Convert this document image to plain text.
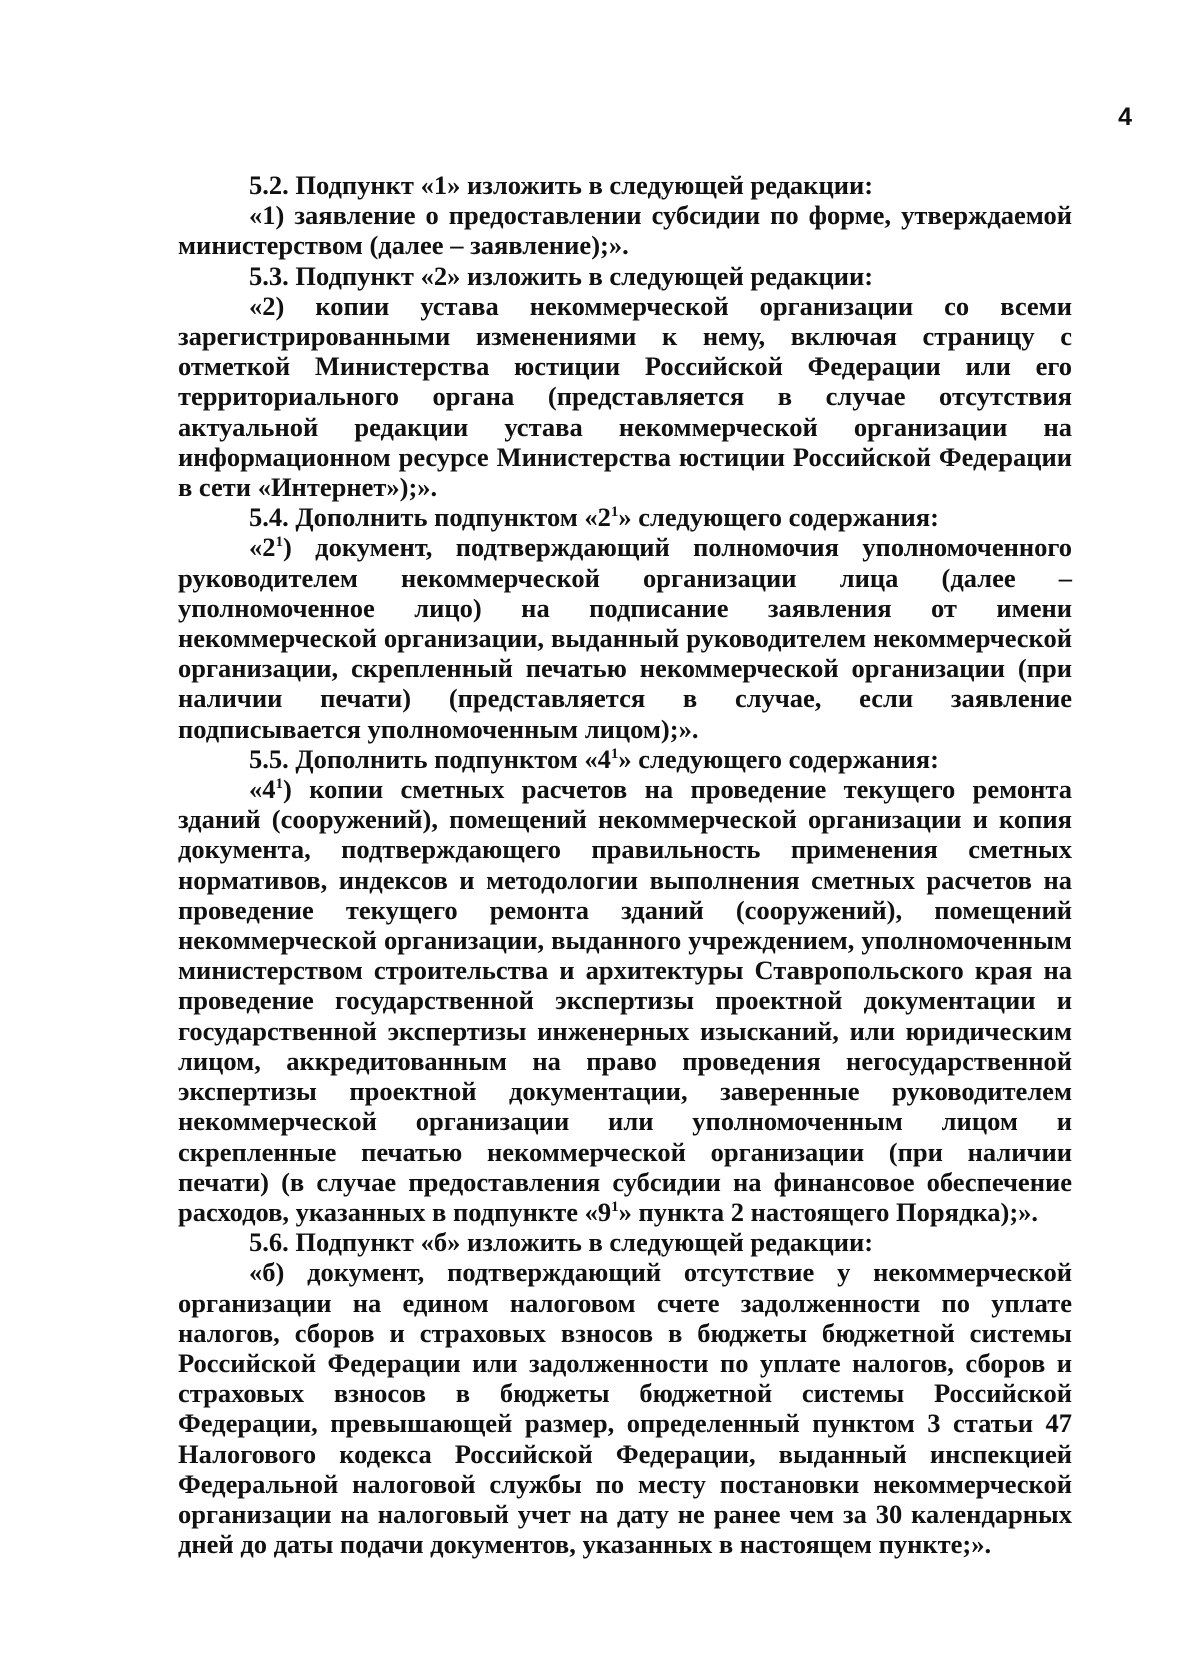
4

5.2. Подпункт «1» изложить в следующей редакции:

«1) заявление о предоставлении субсидии по форме, утверждаемой министерством (далее – заявление);».

5.3. Подпункт «2» изложить в следующей редакции:

«2) копии устава некоммерческой организации со всеми зарегистрированными изменениями к нему, включая страницу с отметкой Министерства юстиции Российской Федерации или его территориального органа (представляется в случае отсутствия актуальной редакции устава некоммерческой организации на информационном ресурсе Министерства юстиции Российской Федерации в сети «Интернет»);».

5.4. Дополнить подпунктом «$2^1$» следующего содержания:

«$2^1$) документ, подтверждающий полномочия уполномоченного руководителем некоммерческой организации лица (далее – уполномоченное лицо) на подписание заявления от имени некоммерческой организации, выданный руководителем некоммерческой организации, скрепленный печатью некоммерческой организации (при наличии печати) (представляется в случае, если заявление подписывается уполномоченным лицом);».

5.5. Дополнить подпунктом «$4^1$» следующего содержания:

«$4^1$) копии сметных расчетов на проведение текущего ремонта зданий (сооружений), помещений некоммерческой организации и копия документа, подтверждающего правильность применения сметных нормативов, индексов и методологии выполнения сметных расчетов на проведение текущего ремонта зданий (сооружений), помещений некоммерческой организации, выданного учреждением, уполномоченным министерством строительства и архитектуры Ставропольского края на проведение государственной экспертизы проектной документации и государственной экспертизы инженерных изысканий, или юридическим лицом, аккредитованным на право проведения негосударственной экспертизы проектной документации, заверенные руководителем некоммерческой организации или уполномоченным лицом и скрепленные печатью некоммерческой организации (при наличии печати) (в случае предоставления субсидии на финансовое обеспечение расходов, указанных в подпункте «$9^1$» пункта 2 настоящего Порядка);».

5.6. Подпункт «б» изложить в следующей редакции:

«б) документ, подтверждающий отсутствие у некоммерческой организации на едином налоговом счете задолженности по уплате налогов, сборов и страховых взносов в бюджеты бюджетной системы Российской Федерации или задолженности по уплате налогов, сборов и страховых взносов в бюджеты бюджетной системы Российской Федерации, превышающей размер, определенный пунктом 3 статьи 47 Налогового кодекса Российской Федерации, выданный инспекцией Федеральной налоговой службы по месту постановки некоммерческой организации на налоговый учет на дату не ранее чем за 30 календарных дней до даты подачи документов, указанных в настоящем пункте;».
